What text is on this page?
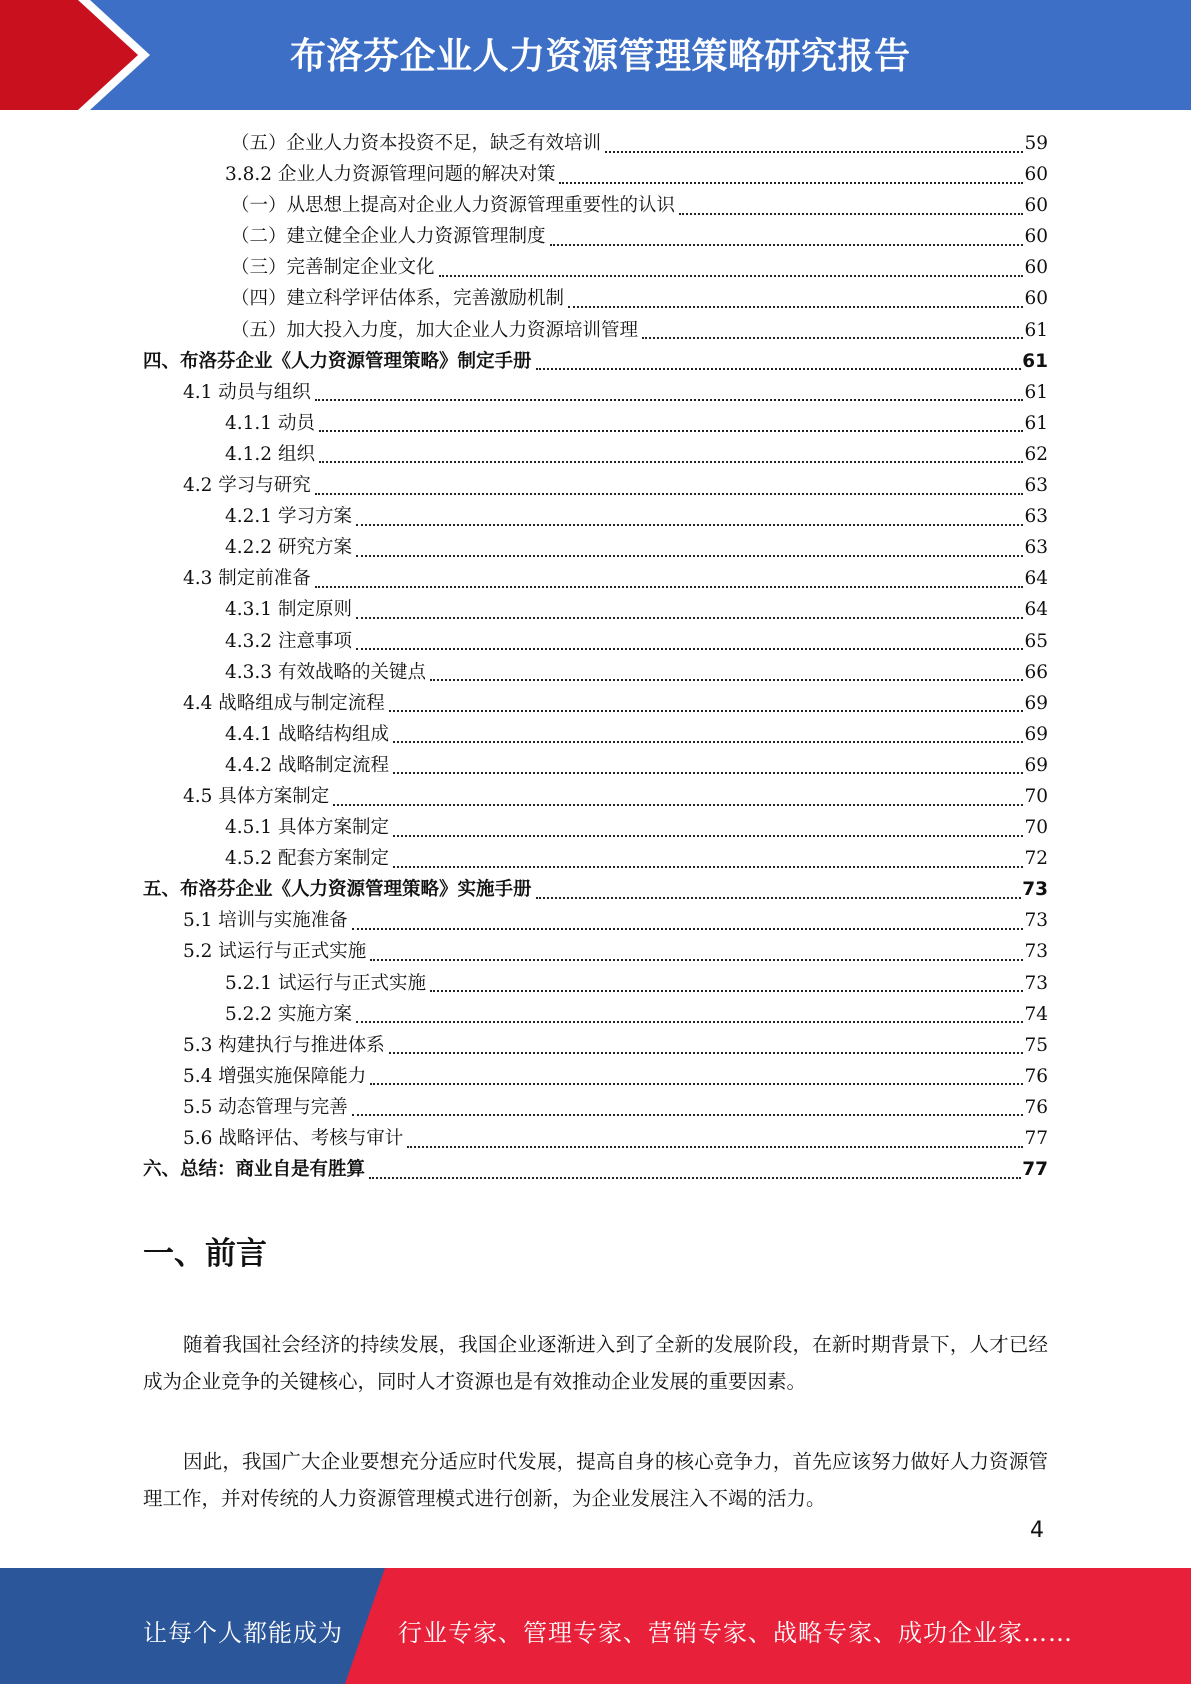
布洛芬企业人力资源管理策略研究报告
（五）企业人力资本投资不足，缺乏有效培训	59
3.8.2 企业人力资源管理问题的解决对策	60
（一）从思想上提高对企业人力资源管理重要性的认识	60
（二）建立健全企业人力资源管理制度	60
（三）完善制定企业文化	60
（四）建立科学评估体系，完善激励机制	60
（五）加大投入力度，加大企业人力资源培训管理	61
四、布洛芬企业《人力资源管理策略》制定手册	61
4.1 动员与组织	61
4.1.1 动员	61
4.1.2 组织	62
4.2 学习与研究	63
4.2.1 学习方案	63
4.2.2 研究方案	63
4.3 制定前准备	64
4.3.1 制定原则	64
4.3.2 注意事项	65
4.3.3 有效战略的关键点	66
4.4 战略组成与制定流程	69
4.4.1 战略结构组成	69
4.4.2 战略制定流程	69
4.5 具体方案制定	70
4.5.1 具体方案制定	70
4.5.2 配套方案制定	72
五、布洛芬企业《人力资源管理策略》实施手册	73
5.1 培训与实施准备	73
5.2 试运行与正式实施	73
5.2.1 试运行与正式实施	73
5.2.2 实施方案	74
5.3 构建执行与推进体系	75
5.4 增强实施保障能力	76
5.5 动态管理与完善	76
5.6 战略评估、考核与审计	77
六、总结：商业自是有胜算	77
一、前言
随着我国社会经济的持续发展，我国企业逐渐进入到了全新的发展阶段，在新时期背景下，人才已经成为企业竞争的关键核心，同时人才资源也是有效推动企业发展的重要因素。
因此，我国广大企业要想充分适应时代发展，提高自身的核心竞争力，首先应该努力做好人力资源管理工作，并对传统的人力资源管理模式进行创新，为企业发展注入不竭的活力。
4
让每个人都能成为 行业专家、管理专家、营销专家、战略专家、成功企业家……
